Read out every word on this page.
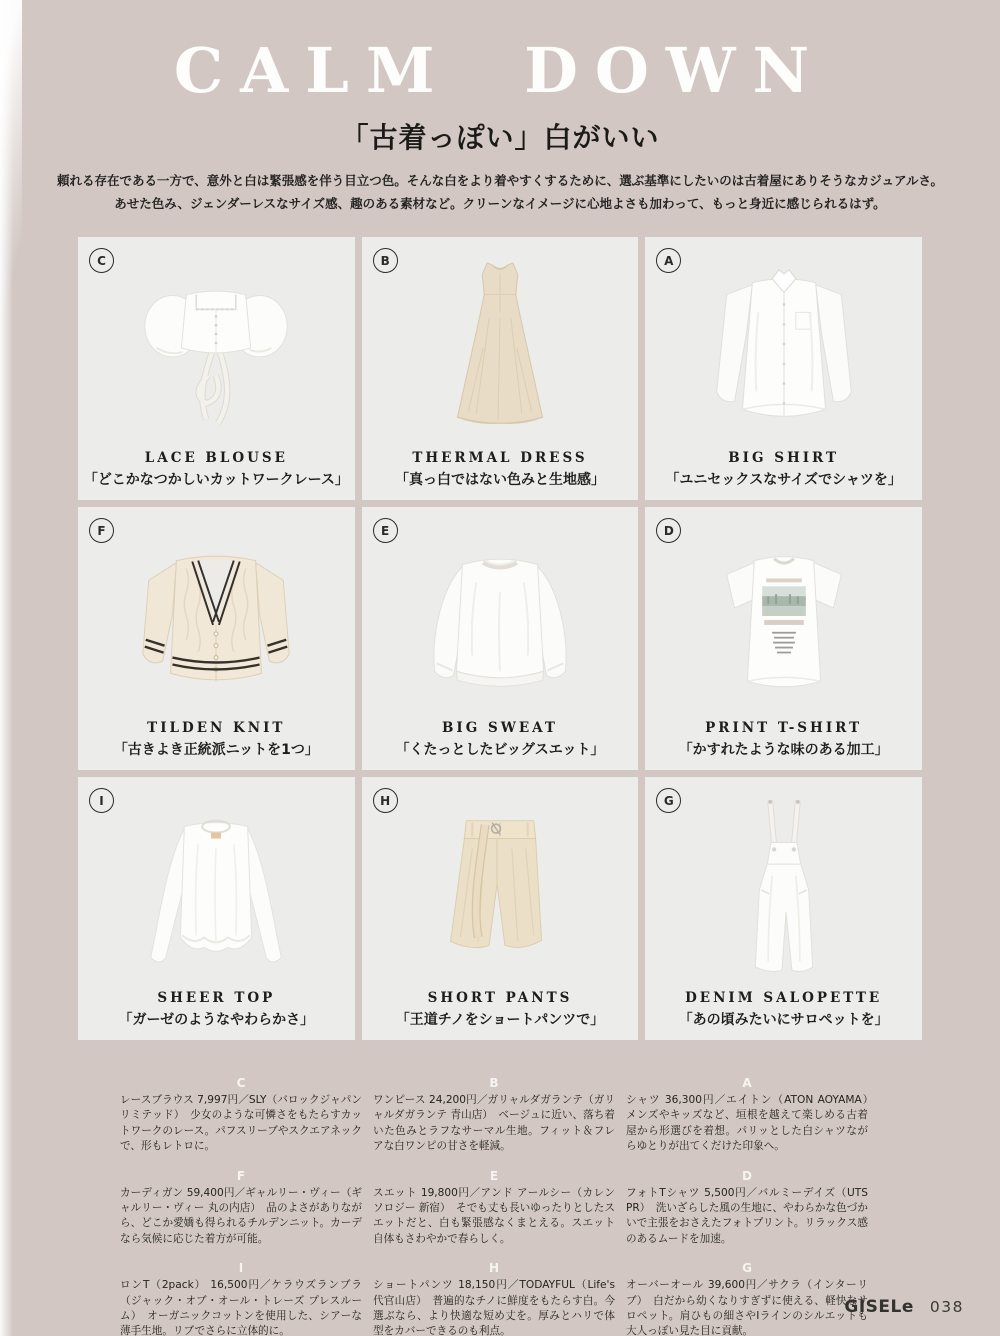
CALM DOWN
「古着っぽい」白がいい
頼れる存在である一方で、意外と白は緊張感を伴う目立つ色。そんな白をより着やすくするために、選ぶ基準にしたいのは古着屋にありそうなカジュアルさ。
あせた色み、ジェンダーレスなサイズ感、趣のある素材など。クリーンなイメージに心地よさも加わって、もっと身近に感じられるはず。
C
LACE BLOUSE
「どこかなつかしいカットワークレース」
B
THERMAL DRESS
「真っ白ではない色みと生地感」
A
BIG SHIRT
「ユニセックスなサイズでシャツを」
F
TILDEN KNIT
「古きよき正統派ニットを1つ」
E
BIG SWEAT
「くたっとしたビッグスエット」
D
PRINT T-SHIRT
「かすれたような味のある加工」
I
SHEER TOP
「ガーゼのようなやわらかさ」
H
SHORT PANTS
「王道チノをショートパンツで」
G
DENIM SALOPETTE
「あの頃みたいにサロペットを」
C

レースブラウス 7,997円／SLY（バロックジャパンリミテッド）　少女のような可憐さをもたらすカットワークのレース。パフスリーブやスクエアネックで、形もレトロに。

F

カーディガン 59,400円／ギャルリー・ヴィー（ギャルリー・ヴィー 丸の内店）　品のよさがありながら、どこか愛嬌も得られるチルデンニット。カーデなら気候に応じた着方が可能。

I

ロンT（2pack） 16,500円／ケラウズランブラ（ジャック・オブ・オール・トレーズ プレスルーム）　オーガニックコットンを使用した、シアーな薄手生地。リブでさらに立体的に。

B

ワンピース 24,200円／ガリャルダガランテ（ガリャルダガランテ 青山店）　ベージュに近い、落ち着いた色みとラフなサーマル生地。フィット＆フレアな白ワンピの甘さを軽減。

E

スエット 19,800円／アンド アールシー（カレンソロジー 新宿）　そでも丈も長いゆったりとしたスエットだと、白も緊張感なくまとえる。スエット自体もさわやかで春らしく。

H

ショートパンツ 18,150円／TODAYFUL（Life's 代官山店）　普遍的なチノに鮮度をもたらす白。今選ぶなら、より快適な短め丈を。厚みとハリで体型をカバーできるのも利点。

A

シャツ 36,300円／エイトン（ATON AOYAMA）　メンズやキッズなど、垣根を越えて楽しめる古着屋から形選びを着想。パリッとした白シャツながらゆとりが出てくだけた印象へ。

D

フォトTシャツ 5,500円／バルミーデイズ（UTS PR）　洗いざらした風の生地に、やわらかな色づかいで主張をおさえたフォトプリント。リラックス感のあるムードを加速。

G

オーバーオール 39,600円／サクラ（インターリブ）　白だから幼くなりすぎずに使える、軽快なサロペット。肩ひもの細さやIラインのシルエットも大人っぽい見た目に貢献。

GISELe 038
